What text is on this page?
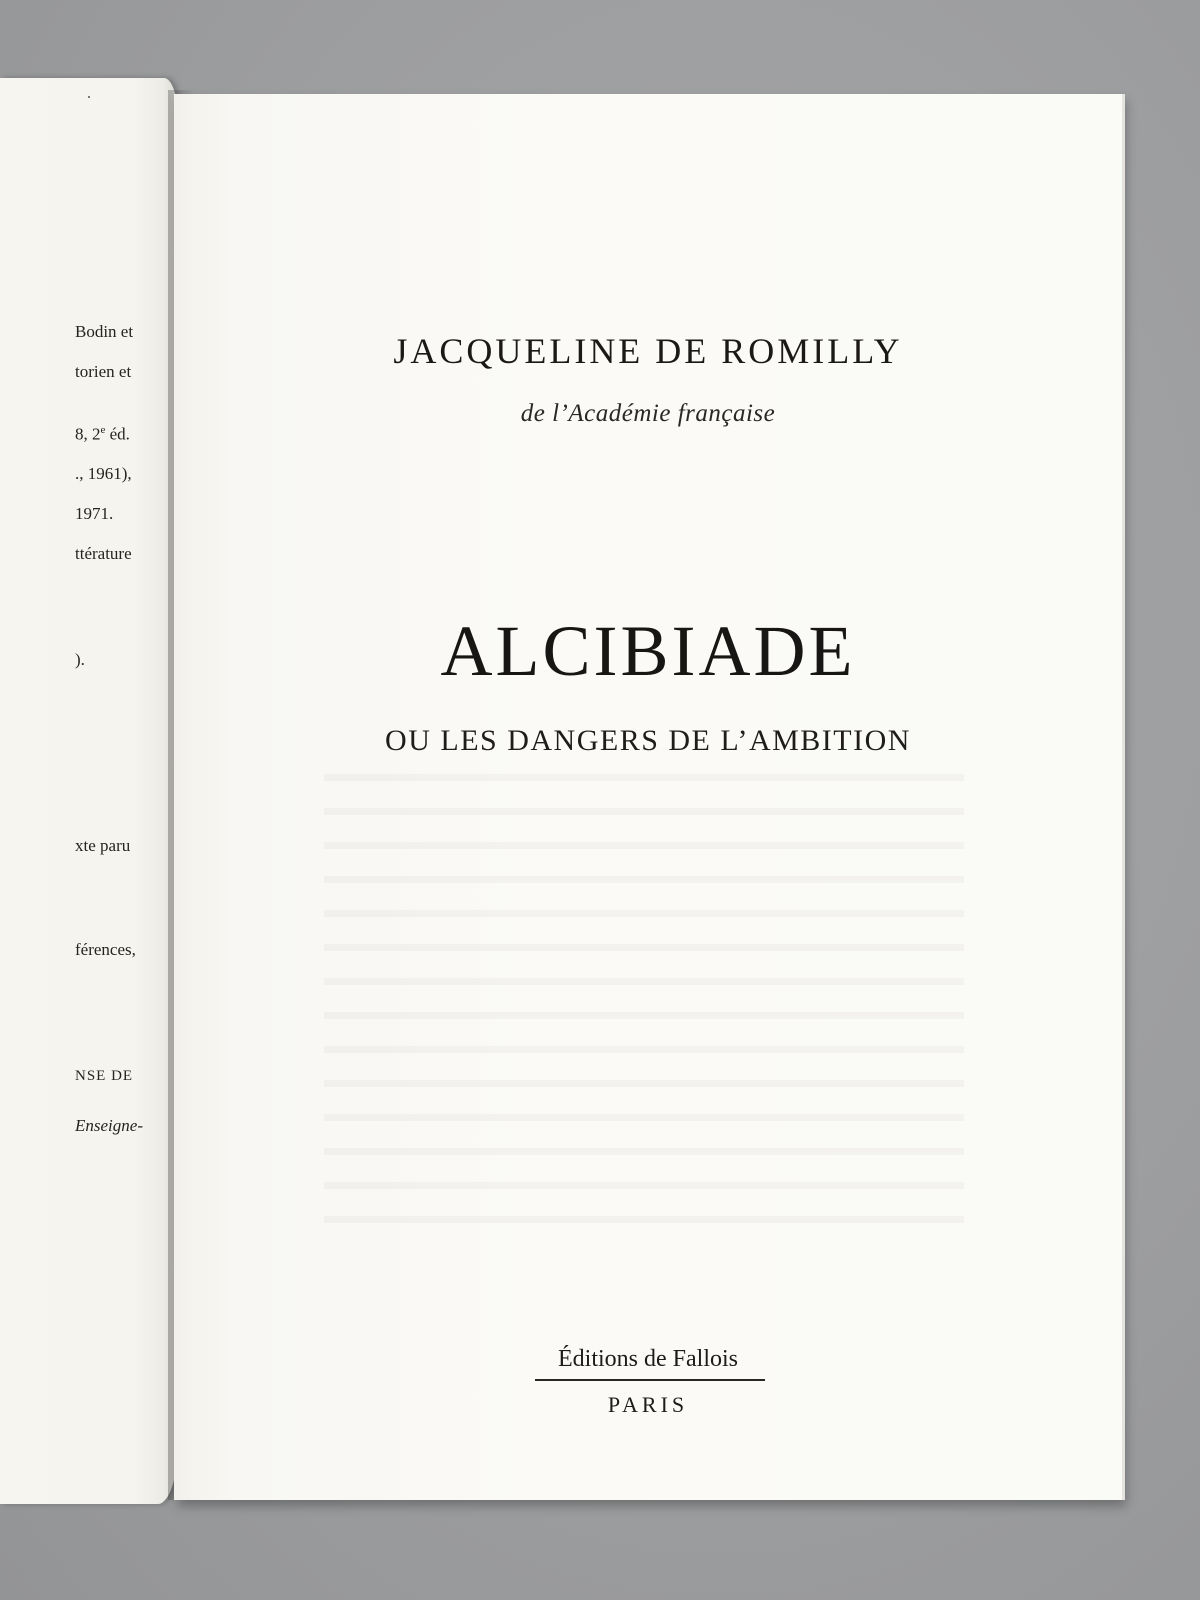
Bodin et
torien et
8, 2e éd.
., 1961),
1971.
ttérature
).
xte paru
férences,
NSE DE
Enseigne-
JACQUELINE DE ROMILLY
de l’Académie française
ALCIBIADE
OU LES DANGERS DE L’AMBITION
Éditions de Fallois
PARIS
